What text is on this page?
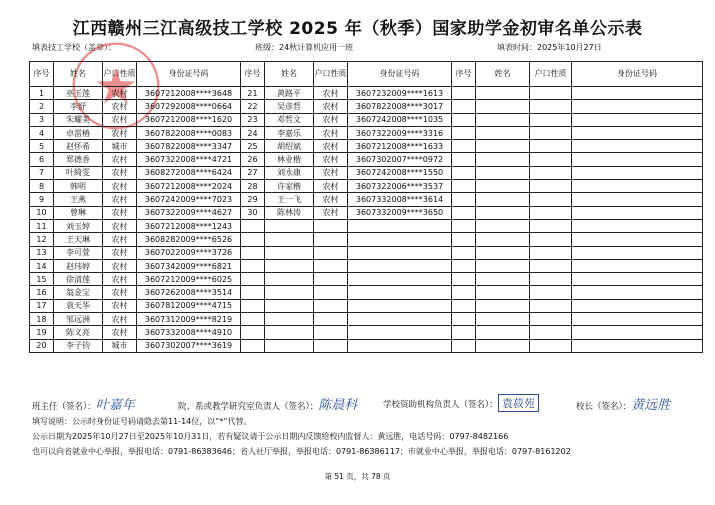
江西赣州三江高级技工学校 2025 年（秋季）国家助学金初审名单公示表
填表技工学校（盖章）：	班级：24秋计算机应用一班	填表时间：2025年10月27日
序号	姓名	户口性质	身份证号码	序号	姓名	户口性质	身份证号码	序号	姓名	户口性质	身份证号码
1	巫玉莲	农村	3607212008****3648	21	黄路平	农村	3607232009****1613				
2	李舒	农村	3607292008****0664	22	吴彦哲	农村	3607822008****3017				
3	朱耀美	农村	3607212008****1620	23	邓哲文	农村	3607242008****1035				
4	卓雷椿	农村	3607822008****0083	24	李嘉乐	农村	3607322009****3316				
5	赵怀希	城市	3607822008****3347	25	胡绍斌	农村	3607212008****1633				
6	郑德香	农村	3607322008****4721	26	林业楷	农村	3607302007****0972				
7	叶綺雯	农村	3608272008****6424	27	刘永康	农村	3607242008****1550				
8	韩明	农村	3607212008****2024	28	许家楷	农村	3607322006****3537				
9	王燕	农村	3607242009****7023	29	王一飞	农村	3607332008****3614				
10	曾琳	农村	3607322009****4627	30	陈林涛	农村	3607332009****3650				
11	刘玉婷	农村	3607212008****1243								
12	王天琳	农村	3608282009****6526								
13	李可萱	农村	3607022009****3726								
14	赵玮婷	农村	3607342009****6821								
15	徐清莲	农村	3607212009****6025								
16	翁金宝	农村	3607262008****3514								
17	袁天华	农村	3607812009****4715								
18	邹远洲	农村	3607312009****8219								
19	陈义亮	农村	3607332008****4910								
20	李子钧	城市	3607302007****3619								
班主任（签名）：叶嘉年	院、系或教学研究室负责人（签名）：陈晨科	学校资助机构负责人（签名）： 袁菽苑	校长（签名）：黄远胜
填写说明：公示时身份证号码请隐去第11-14位，以“*”代替。
公示日期为2025年10月27日至2025年10月31日，若有疑议请于公示日期内反馈给校内监督人：黄远胜，电话号码：0797-8482166
也可以向省就业中心举报，举报电话：0791-86383646；省人社厅举报，举报电话：0791-86386117；市就业中心举报，举报电话：0797-8161202
第 51 页，共 78 页
